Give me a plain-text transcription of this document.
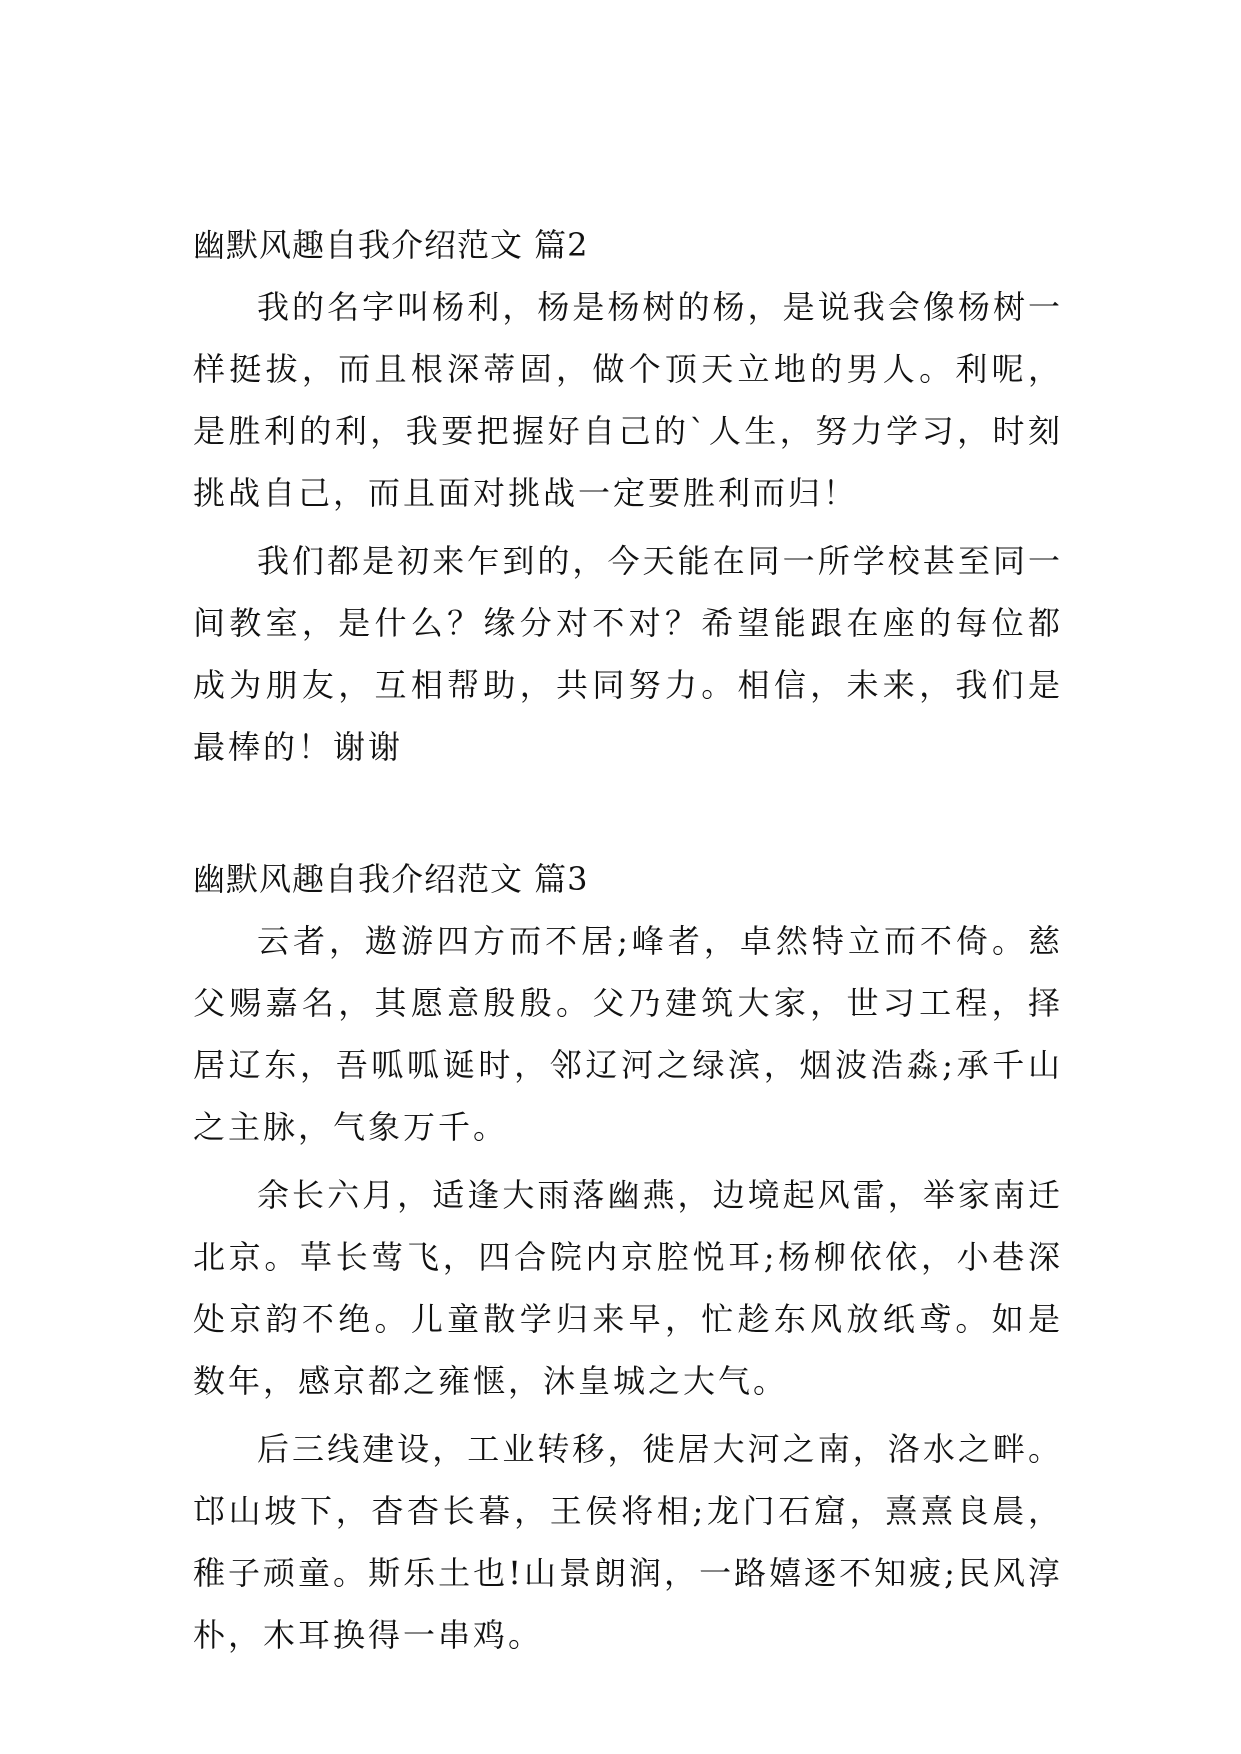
幽默风趣自我介绍范文 篇2

我的名字叫杨利，杨是杨树的杨，是说我会像杨树一样挺拔，而且根深蒂固，做个顶天立地的男人。利呢，是胜利的利，我要把握好自己的`人生，努力学习，时刻挑战自己，而且面对挑战一定要胜利而归！

我们都是初来乍到的，今天能在同一所学校甚至同一间教室，是什么？缘分对不对？希望能跟在座的每位都成为朋友，互相帮助，共同努力。相信，未来，我们是最棒的！谢谢

幽默风趣自我介绍范文 篇3

云者，遨游四方而不居;峰者，卓然特立而不倚。慈父赐嘉名，其愿意殷殷。父乃建筑大家，世习工程，择居辽东，吾呱呱诞时，邻辽河之绿滨，烟波浩淼;承千山之主脉，气象万千。

余长六月，适逢大雨落幽燕，边境起风雷，举家南迁北京。草长莺飞，四合院内京腔悦耳;杨柳依依，小巷深处京韵不绝。儿童散学归来早，忙趁东风放纸鸢。如是数年，感京都之雍惬，沐皇城之大气。

后三线建设，工业转移，徙居大河之南，洛水之畔。邙山坡下，杳杳长暮，王侯将相;龙门石窟，熹熹良晨，稚子顽童。斯乐土也!山景朗润，一路嬉逐不知疲;民风淳朴，木耳换得一串鸡。
